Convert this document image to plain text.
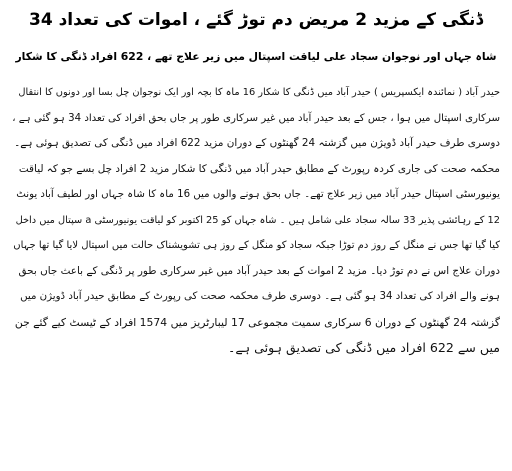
ڈنگی کے مزید 2 مریض دم توڑ گئے ، اموات کی تعداد 34
شاہ جہاں اور نوجوان سجاد علی لیاقت اسپتال میں زیر علاج تھے ، 622 افراد ڈنگی کا شکار
حیدر آباد ( نمائندہ ایکسپریس ) حیدر آباد میں ڈنگی کا شکار 16 ماہ کا بچہ اور ایک نوجوان چل بسا اور دونوں کا انتقال
سرکاری اسپتال میں ہوا ، جس کے بعد حیدر آباد میں غیر سرکاری طور پر جاں بحق افراد کی تعداد 34 ہو گئی ہے ،
دوسری طرف حیدر آباد ڈویژن میں گزشتہ 24 گھنٹوں کے دوران مزید 622 افراد میں ڈنگی کی تصدیق ہوئی ہے۔
محکمہ صحت کی جاری کردہ رپورٹ کے مطابق حیدر آباد میں ڈنگی کا شکار مزید 2 افراد چل بسے جو کہ لیاقت
یونیورسٹی اسپتال حیدر آباد میں زیر علاج تھے۔ جاں بحق ہونے والوں میں 16 ماہ کا شاہ جہاں اور لطیف آباد یونٹ
12 کے رہائشی پذیر 33 سالہ سجاد علی شامل ہیں ۔ شاہ جہاں کو 25 اکتوبر کو لیاقت یونیورسٹی a سپتال میں داخل
کیا گیا تھا جس نے منگل کے روز دم توڑا جبکہ سجاد کو منگل کے روز ہی تشویشناک حالت میں اسپتال لایا گیا تھا جہاں
دوران علاج اس نے دم توڑ دیا۔ مزید 2 اموات کے بعد حیدر آباد میں غیر سرکاری طور پر ڈنگی کے باعث جاں بحق
ہونے والے افراد کی تعداد 34 ہو گئی ہے۔ دوسری طرف محکمہ صحت کی رپورٹ کے مطابق حیدر آباد ڈویژن میں
گزشتہ 24 گھنٹوں کے دوران 6 سرکاری سمیت مجموعی 17 لیبارٹریز میں 1574 افراد کے ٹیسٹ کیے گئے جن
میں سے 622 افراد میں ڈنگی کی تصدیق ہوئی ہے۔
